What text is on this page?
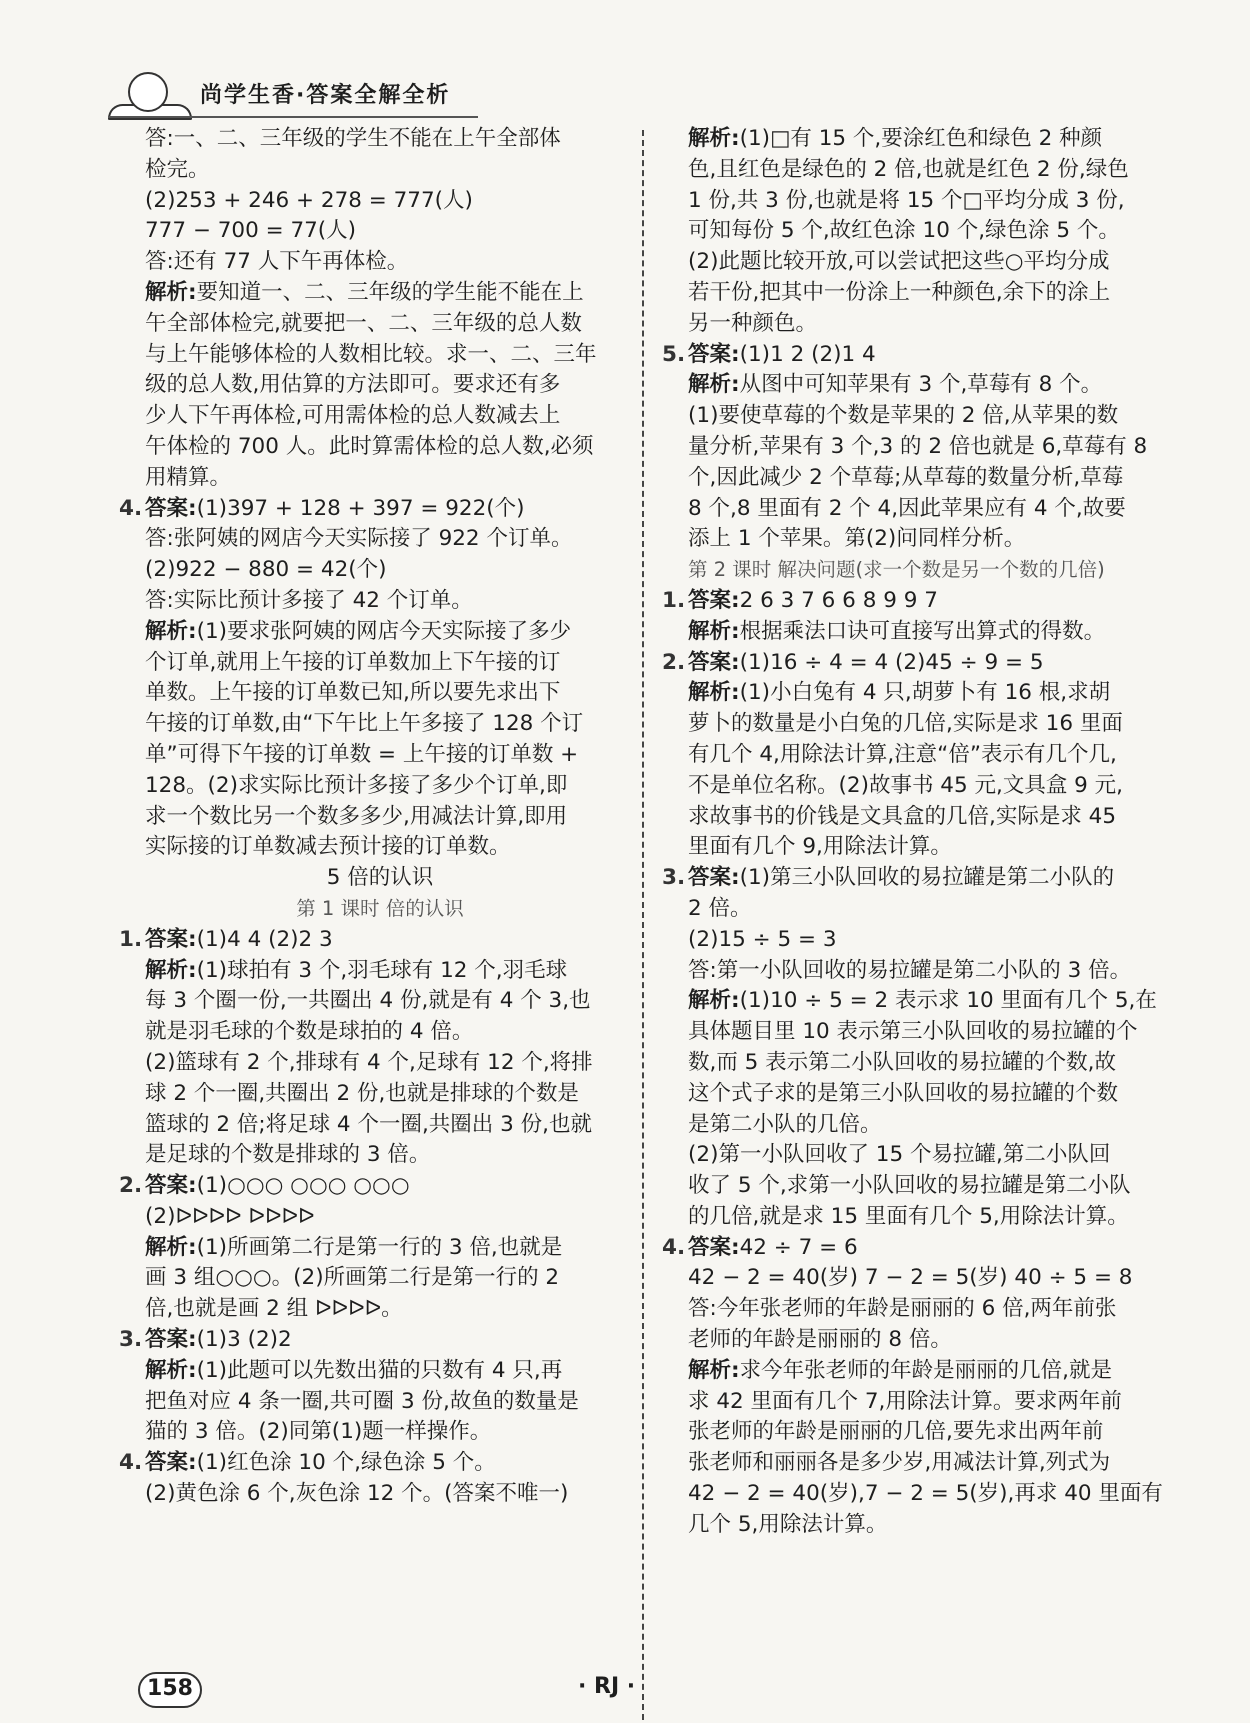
尚学生香·答案全解全析
答:一、二、三年级的学生不能在上午全部体
检完。
(2)253 + 246 + 278 = 777(人)
777 − 700 = 77(人)
答:还有 77 人下午再体检。
解析:要知道一、二、三年级的学生能不能在上
午全部体检完,就要把一、二、三年级的总人数
与上午能够体检的人数相比较。求一、二、三年
级的总人数,用估算的方法即可。要求还有多
少人下午再体检,可用需体检的总人数减去上
午体检的 700 人。此时算需体检的总人数,必须
用精算。
4. 答案:(1)397 + 128 + 397 = 922(个)
答:张阿姨的网店今天实际接了 922 个订单。
(2)922 − 880 = 42(个)
答:实际比预计多接了 42 个订单。
解析:(1)要求张阿姨的网店今天实际接了多少
个订单,就用上午接的订单数加上下午接的订
单数。上午接的订单数已知,所以要先求出下
午接的订单数,由“下午比上午多接了 128 个订
单”可得下午接的订单数 = 上午接的订单数 +
128。(2)求实际比预计多接了多少个订单,即
求一个数比另一个数多多少,用减法计算,即用
实际接的订单数减去预计接的订单数。
5 倍的认识
第 1 课时 倍的认识
1. 答案:(1)4 4 (2)2 3
解析:(1)球拍有 3 个,羽毛球有 12 个,羽毛球
每 3 个圈一份,一共圈出 4 份,就是有 4 个 3,也
就是羽毛球的个数是球拍的 4 倍。
(2)篮球有 2 个,排球有 4 个,足球有 12 个,将排
球 2 个一圈,共圈出 2 份,也就是排球的个数是
篮球的 2 倍;将足球 4 个一圈,共圈出 3 份,也就
是足球的个数是排球的 3 倍。
2. 答案:(1)○○○ ○○○ ○○○
(2)ᐅᐅᐅᐅ ᐅᐅᐅᐅ
解析:(1)所画第二行是第一行的 3 倍,也就是
画 3 组○○○。(2)所画第二行是第一行的 2
倍,也就是画 2 组 ᐅᐅᐅᐅ。
3. 答案:(1)3 (2)2
解析:(1)此题可以先数出猫的只数有 4 只,再
把鱼对应 4 条一圈,共可圈 3 份,故鱼的数量是
猫的 3 倍。(2)同第(1)题一样操作。
4. 答案:(1)红色涂 10 个,绿色涂 5 个。
(2)黄色涂 6 个,灰色涂 12 个。(答案不唯一)
解析:(1)□有 15 个,要涂红色和绿色 2 种颜
色,且红色是绿色的 2 倍,也就是红色 2 份,绿色
1 份,共 3 份,也就是将 15 个□平均分成 3 份,
可知每份 5 个,故红色涂 10 个,绿色涂 5 个。
(2)此题比较开放,可以尝试把这些○平均分成
若干份,把其中一份涂上一种颜色,余下的涂上
另一种颜色。
5. 答案:(1)1 2 (2)1 4
解析:从图中可知苹果有 3 个,草莓有 8 个。
(1)要使草莓的个数是苹果的 2 倍,从苹果的数
量分析,苹果有 3 个,3 的 2 倍也就是 6,草莓有 8
个,因此减少 2 个草莓;从草莓的数量分析,草莓
8 个,8 里面有 2 个 4,因此苹果应有 4 个,故要
添上 1 个苹果。第(2)问同样分析。
第 2 课时 解决问题(求一个数是另一个数的几倍)
1. 答案:2 6 3 7 6 6 8 9 9 7
解析:根据乘法口诀可直接写出算式的得数。
2. 答案:(1)16 ÷ 4 = 4 (2)45 ÷ 9 = 5
解析:(1)小白兔有 4 只,胡萝卜有 16 根,求胡
萝卜的数量是小白兔的几倍,实际是求 16 里面
有几个 4,用除法计算,注意“倍”表示有几个几,
不是单位名称。(2)故事书 45 元,文具盒 9 元,
求故事书的价钱是文具盒的几倍,实际是求 45
里面有几个 9,用除法计算。
3. 答案:(1)第三小队回收的易拉罐是第二小队的
2 倍。
(2)15 ÷ 5 = 3
答:第一小队回收的易拉罐是第二小队的 3 倍。
解析:(1)10 ÷ 5 = 2 表示求 10 里面有几个 5,在
具体题目里 10 表示第三小队回收的易拉罐的个
数,而 5 表示第二小队回收的易拉罐的个数,故
这个式子求的是第三小队回收的易拉罐的个数
是第二小队的几倍。
(2)第一小队回收了 15 个易拉罐,第二小队回
收了 5 个,求第一小队回收的易拉罐是第二小队
的几倍,就是求 15 里面有几个 5,用除法计算。
4. 答案:42 ÷ 7 = 6
42 − 2 = 40(岁) 7 − 2 = 5(岁) 40 ÷ 5 = 8
答:今年张老师的年龄是丽丽的 6 倍,两年前张
老师的年龄是丽丽的 8 倍。
解析:求今年张老师的年龄是丽丽的几倍,就是
求 42 里面有几个 7,用除法计算。要求两年前
张老师的年龄是丽丽的几倍,要先求出两年前
张老师和丽丽各是多少岁,用减法计算,列式为
42 − 2 = 40(岁),7 − 2 = 5(岁),再求 40 里面有
几个 5,用除法计算。
158	· RJ ·
